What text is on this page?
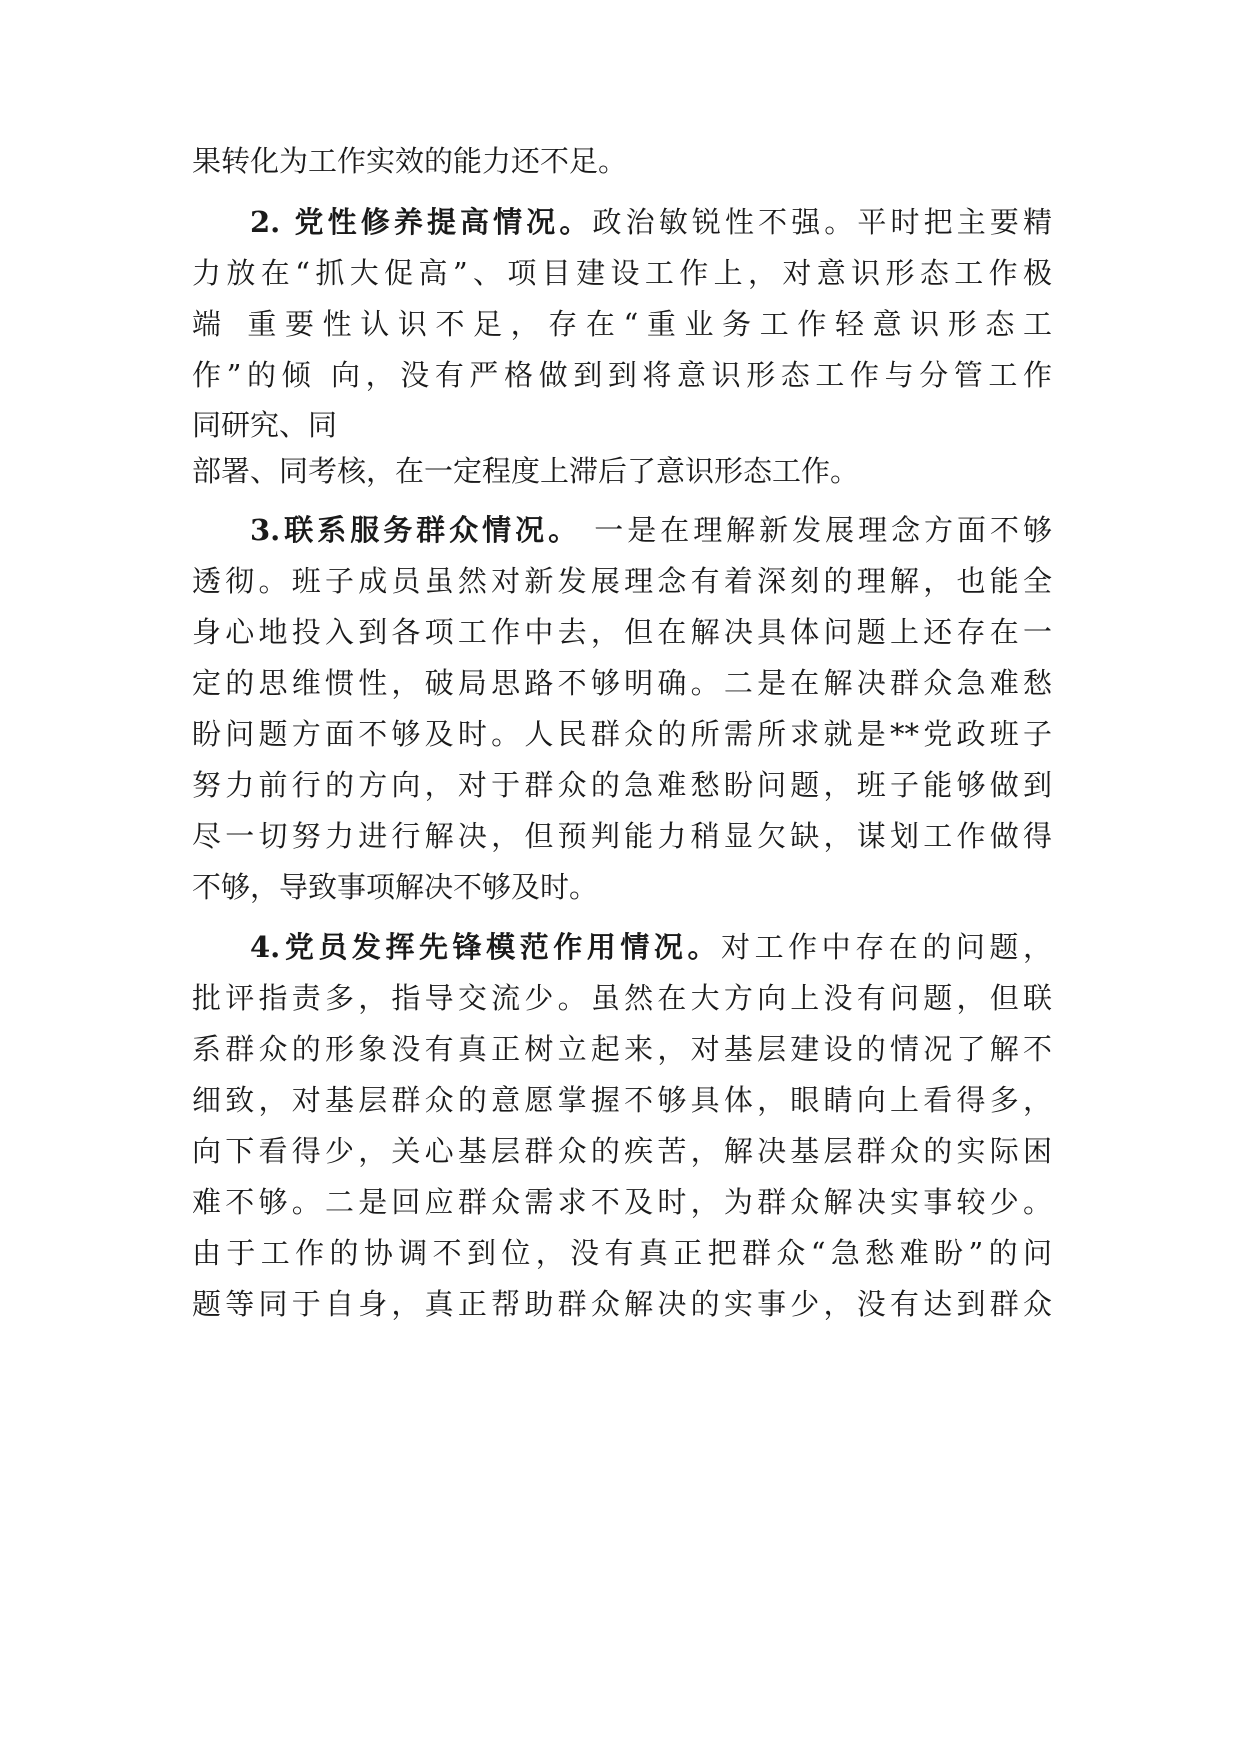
果转化为工作实效的能力还不足。
2. 党性修养提高情况。政治敏锐性不强。平时把主要精
力放在“抓大促高”、项目建设工作上，对意识形态工作极
端 重要性认识不足，存在“重业务工作轻意识形态工
作”的倾 向，没有严格做到到将意识形态工作与分管工作
同研究、同
部署、同考核，在一定程度上滞后了意识形态工作。
3.联系服务群众情况。 一是在理解新发展理念方面不够
透彻。班子成员虽然对新发展理念有着深刻的理解，也能全
身心地投入到各项工作中去，但在解决具体问题上还存在一
定的思维惯性，破局思路不够明确。二是在解决群众急难愁
盼问题方面不够及时。人民群众的所需所求就是**党政班子
努力前行的方向，对于群众的急难愁盼问题，班子能够做到
尽一切努力进行解决，但预判能力稍显欠缺，谋划工作做得
不够，导致事项解决不够及时。
4.党员发挥先锋模范作用情况。对工作中存在的问题，
批评指责多，指导交流少。虽然在大方向上没有问题，但联
系群众的形象没有真正树立起来，对基层建设的情况了解不
细致，对基层群众的意愿掌握不够具体，眼睛向上看得多，
向下看得少，关心基层群众的疾苦，解决基层群众的实际困
难不够。二是回应群众需求不及时，为群众解决实事较少。
由于工作的协调不到位，没有真正把群众“急愁难盼”的问
题等同于自身，真正帮助群众解决的实事少，没有达到群众
